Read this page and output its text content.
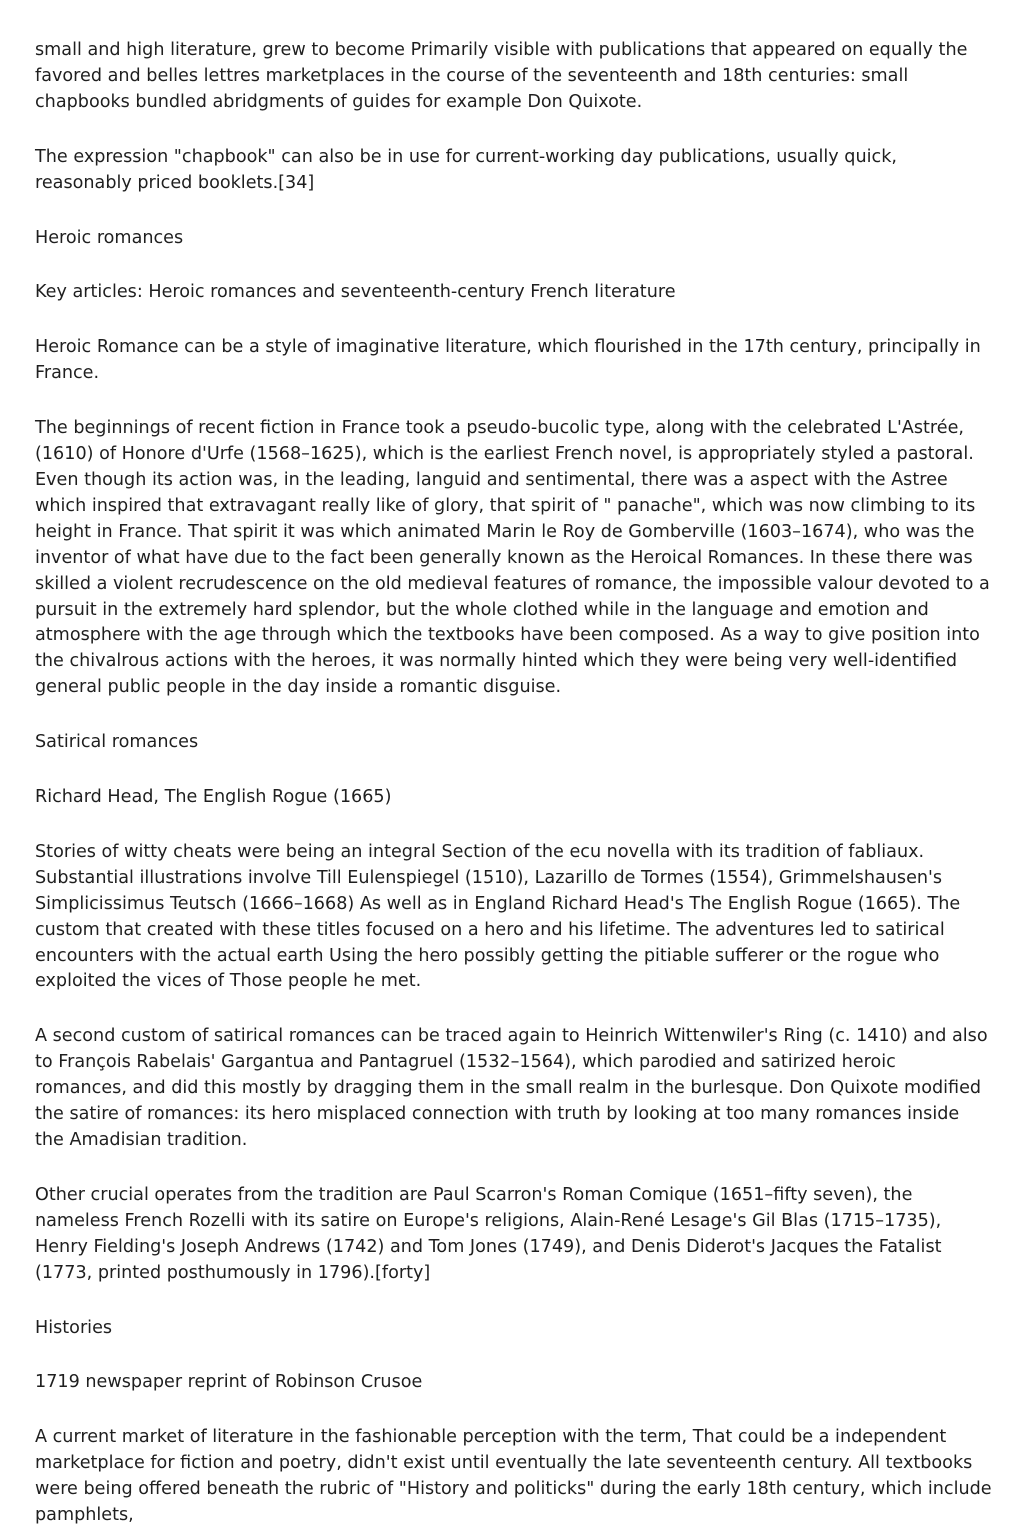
small and high literature, grew to become Primarily visible with publications that appeared on equally the favored and belles lettres marketplaces in the course of the seventeenth and 18th centuries: small chapbooks bundled abridgments of guides for example Don Quixote.

The expression "chapbook" can also be in use for current-working day publications, usually quick, reasonably priced booklets.[34]

Heroic romances

Key articles: Heroic romances and seventeenth-century French literature

Heroic Romance can be a style of imaginative literature, which flourished in the 17th century, principally in France.

The beginnings of recent fiction in France took a pseudo-bucolic type, along with the celebrated L'Astrée, (1610) of Honore d'Urfe (1568–1625), which is the earliest French novel, is appropriately styled a pastoral. Even though its action was, in the leading, languid and sentimental, there was a aspect with the Astree which inspired that extravagant really like of glory, that spirit of " panache", which was now climbing to its height in France. That spirit it was which animated Marin le Roy de Gomberville (1603–1674), who was the inventor of what have due to the fact been generally known as the Heroical Romances. In these there was skilled a violent recrudescence on the old medieval features of romance, the impossible valour devoted to a pursuit in the extremely hard splendor, but the whole clothed while in the language and emotion and atmosphere with the age through which the textbooks have been composed. As a way to give position into the chivalrous actions with the heroes, it was normally hinted which they were being very well-identified general public people in the day inside a romantic disguise.

Satirical romances

Richard Head, The English Rogue (1665)

Stories of witty cheats were being an integral Section of the ecu novella with its tradition of fabliaux. Substantial illustrations involve Till Eulenspiegel (1510), Lazarillo de Tormes (1554), Grimmelshausen's Simplicissimus Teutsch (1666–1668) As well as in England Richard Head's The English Rogue (1665). The custom that created with these titles focused on a hero and his lifetime. The adventures led to satirical encounters with the actual earth Using the hero possibly getting the pitiable sufferer or the rogue who exploited the vices of Those people he met.

A second custom of satirical romances can be traced again to Heinrich Wittenwiler's Ring (c. 1410) and also to François Rabelais' Gargantua and Pantagruel (1532–1564), which parodied and satirized heroic romances, and did this mostly by dragging them in the small realm in the burlesque. Don Quixote modified the satire of romances: its hero misplaced connection with truth by looking at too many romances inside the Amadisian tradition.

Other crucial operates from the tradition are Paul Scarron's Roman Comique (1651–fifty seven), the nameless French Rozelli with its satire on Europe's religions, Alain-René Lesage's Gil Blas (1715–1735), Henry Fielding's Joseph Andrews (1742) and Tom Jones (1749), and Denis Diderot's Jacques the Fatalist (1773, printed posthumously in 1796).[forty]

Histories

1719 newspaper reprint of Robinson Crusoe

A current market of literature in the fashionable perception with the term, That could be a independent marketplace for fiction and poetry, didn't exist until eventually the late seventeenth century. All textbooks were being offered beneath the rubric of "History and politicks" during the early 18th century, which include pamphlets,
